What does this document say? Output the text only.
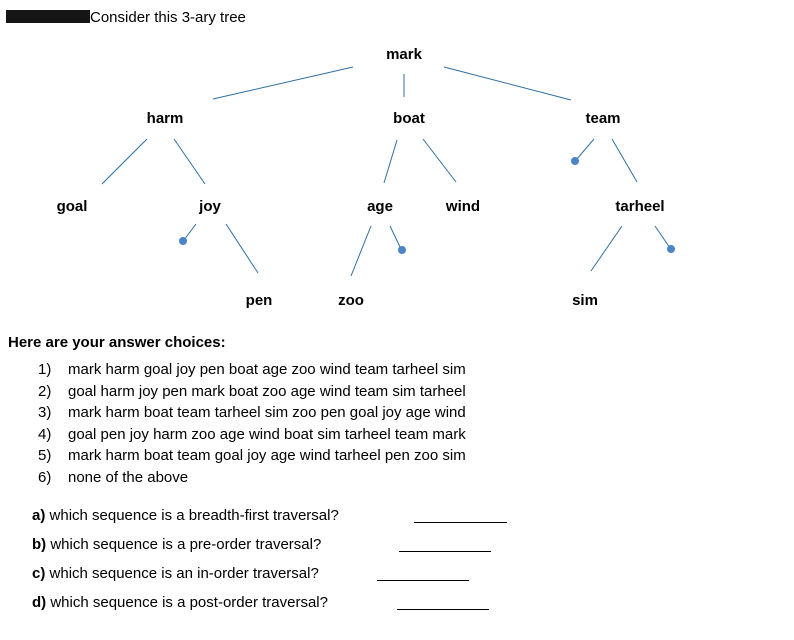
Consider this 3-ary tree
mark
harm	boat	team
goal	joy	age	wind	tarheel
pen	zoo	sim
Here are your answer choices:
1) mark harm goal joy pen boat age zoo wind team tarheel sim
2) goal harm joy pen mark boat zoo age wind team sim tarheel
3) mark harm boat team tarheel sim zoo pen goal joy age wind
4) goal pen joy harm zoo age wind boat sim tarheel team mark
5) mark harm boat team goal joy age wind tarheel pen zoo sim
6) none of the above
a) which sequence is a breadth-first traversal?
b) which sequence is a pre-order traversal?
c) which sequence is an in-order traversal?
d) which sequence is a post-order traversal?
